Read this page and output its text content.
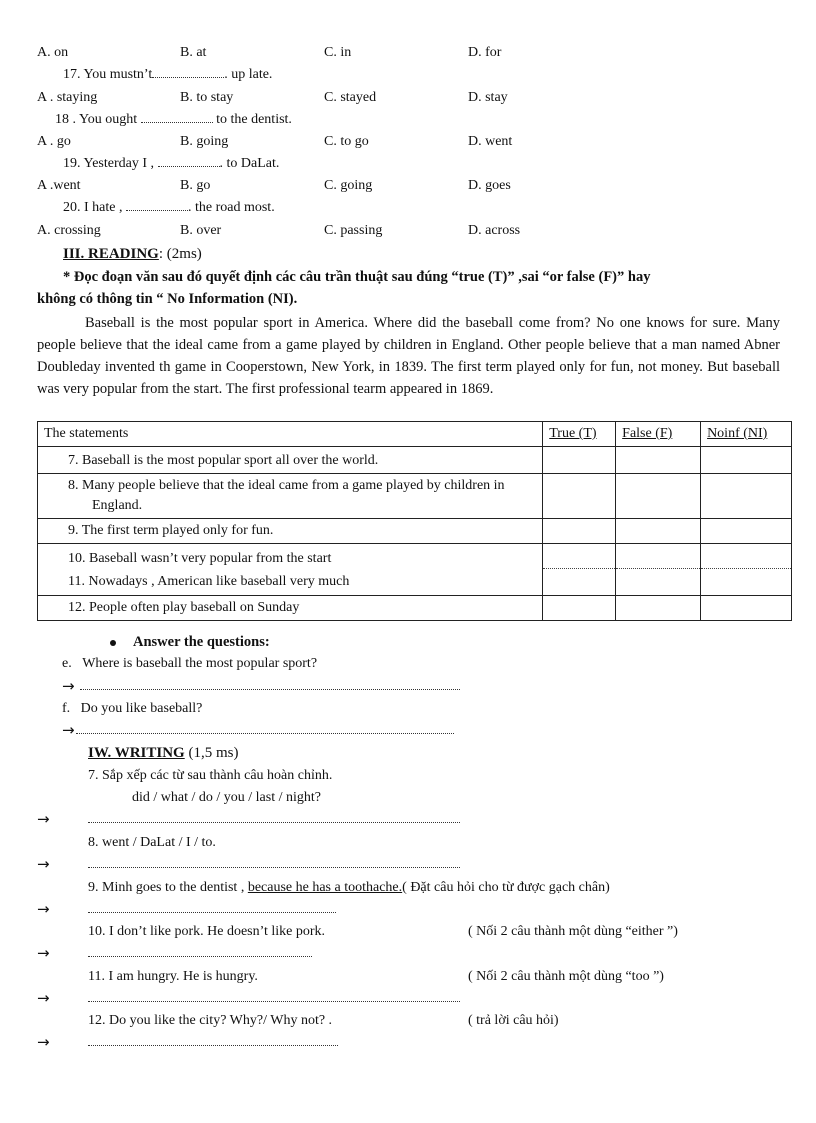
A. on	B. at	C. in	D. for
17. You mustn’t	. up late.
A . staying	B. to stay	C. stayed	D. stay
18 . You ought	to the dentist.
A . go	B. going	C. to go	D. went
19. Yesterday I ,	. to DaLat.
A .went	B. go	C. going	D. goes
20. I hate ,	. the road most.
A. crossing	B. over	C. passing	D. across
III. READING: (2ms)
* Đọc đoạn văn sau đó quyết định các câu trần thuật sau đúng “true (T)” ,sai “or false (F)” hay
không có thông tin “ No Information (NI).
Baseball is the most popular sport in America. Where did the baseball come from? No one knows for sure. Many people believe that the ideal came from a game played by children in England. Other people believe that a man named Abner Doubleday invented th game in Cooperstown, New York, in 1839. The first term played only for fun, not money. But baseball was very popular from the start. The first professional tearm appeared in 1869.
The statements	True (T)	False (F)	Noinf (NI)
7. Baseball is the most popular sport all over the world.			
8. Many people believe that the ideal came from a game played by children in England.			
9. The first term played only for fun.			

10. Baseball wasn’t very popular from the start
11. Nowadays , American like baseball very much			

12. People often play baseball on Sunday			
Answer the questions:
e. Where is baseball the most popular sport?
→
f. Do you like baseball?
→
IW. WRITING (1,5 ms)
7. Sắp xếp các từ sau thành câu hoàn chỉnh.
did / what / do / you / last / night?
→
8. went / DaLat / I / to.
→
9. Minh goes to the dentist , because he has a toothache.( Đặt câu hỏi cho từ được gạch chân)
→
10. I don’t like pork. He doesn’t like pork.	( Nối 2 câu thành một dùng “either ”)
→
11. I am hungry. He is hungry.	( Nối 2 câu thành một dùng “too ”)
→
12. Do you like the city? Why?/ Why not? .	( trả lời câu hỏi)
→
